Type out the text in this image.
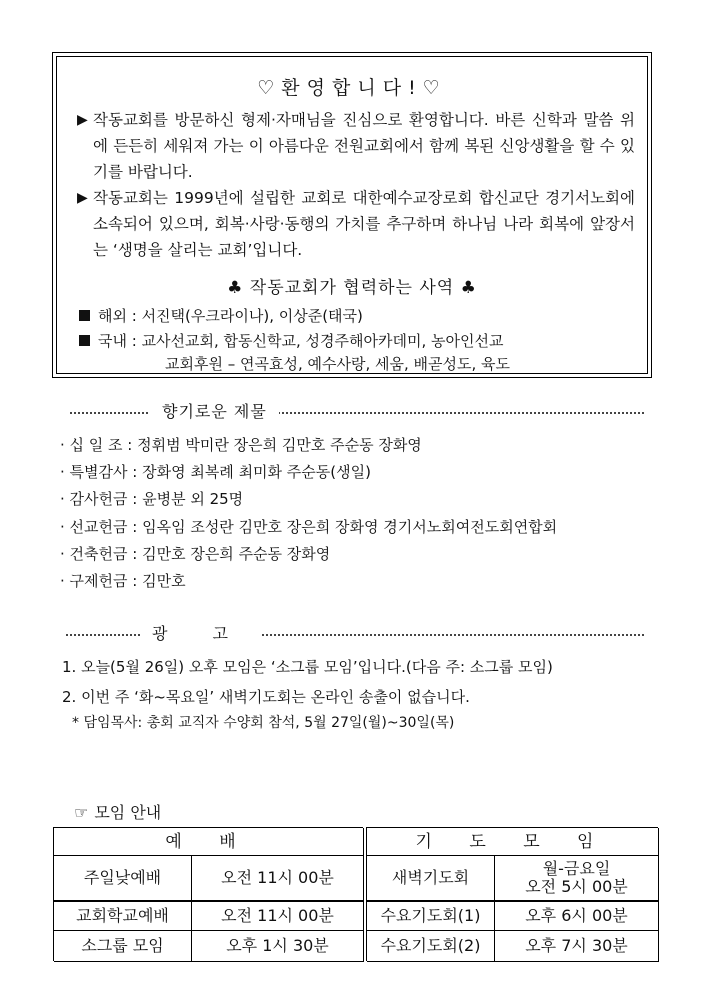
♡환영합니다!♡
▶ 작동교회를 방문하신 형제·자매님을 진심으로 환영합니다. 바른 신학과 말씀 위에 든든히 세워져 가는 이 아름다운 전원교회에서 함께 복된 신앙생활을 할 수 있기를 바랍니다.
▶ 작동교회는 1999년에 설립한 교회로 대한예수교장로회 합신교단 경기서노회에 소속되어 있으며, 회복·사랑·동행의 가치를 추구하며 하나님 나라 회복에 앞장서는 ‘생명을 살리는 교회’입니다.
♣ 작동교회가 협력하는 사역 ♣
해외 : 서진택(우크라이나), 이상준(태국)
국내 : 교사선교회, 합동신학교, 성경주해아카데미, 농아인선교
교회후원 – 연곡효성, 예수사랑, 세움, 배곧성도, 육도
향기로운 제물
· 십 일 조 : 정휘범 박미란 장은희 김만호 주순동 장화영
· 특별감사 : 장화영 최복례 최미화 주순동(생일)
· 감사헌금 : 윤병분 외 25명
· 선교헌금 : 임옥임 조성란 김만호 장은희 장화영 경기서노회여전도회연합회
· 건축헌금 : 김만호 장은희 주순동 장화영
· 구제헌금 : 김만호
광 고
1. 오늘(5월 26일) 오후 모임은 ‘소그룹 모임’입니다.(다음 주: 소그룹 모임)
2. 이번 주 ‘화~목요일’ 새벽기도회는 온라인 송출이 없습니다.
* 담임목사: 총회 교직자 수양회 참석, 5월 27일(월)~30일(목)
☞ 모임 안내
예 배
주일낮예배	오전 11시 00분
교회학교예배	오전 11시 00분
소그룹 모임	오후 1시 30분
기 도 모 임
새벽기도회	월-금요일
오전 5시 00분
수요기도회(1)	오후 6시 00분
수요기도회(2)	오후 7시 30분
